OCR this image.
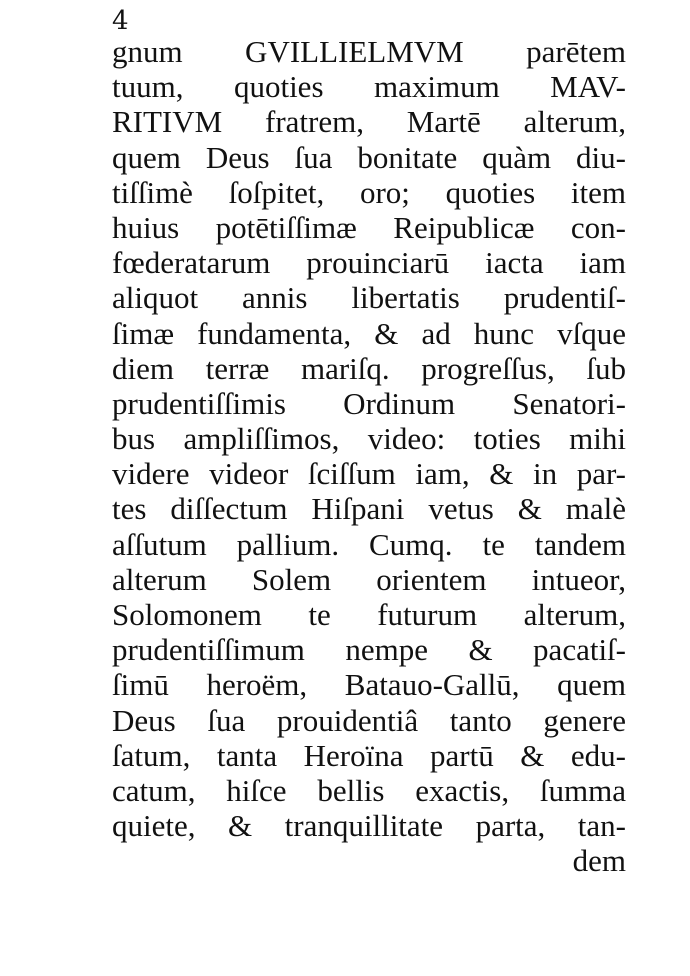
4
gnum GVILLIELMVM parētem
tuum, quoties maximum MAV-
RITIVM fratrem, Martē alterum,
quem Deus ſua bonitate quàm diu-
tiſſimè ſoſpitet, oro; quoties item
huius potētiſſimæ Reipublicæ con-
fœderatarum prouinciarū iacta iam
aliquot annis libertatis prudentiſ-
ſimæ fundamenta, & ad hunc vſque
diem terræ mariſq. progreſſus, ſub
prudentiſſimis Ordinum Senatori-
bus ampliſſimos, video: toties mihi
videre videor ſciſſum iam, & in par-
tes diſſectum Hiſpani vetus & malè
aſſutum pallium. Cumq. te tandem
alterum Solem orientem intueor,
Solomonem te futurum alterum,
prudentiſſimum nempe & pacatiſ-
ſimū heroëm, Batauo-Gallū, quem
Deus ſua prouidentiâ tanto genere
ſatum, tanta Heroïna partū & edu-
catum, hiſce bellis exactis, ſumma
quiete, & tranquillitate parta, tan-
dem
